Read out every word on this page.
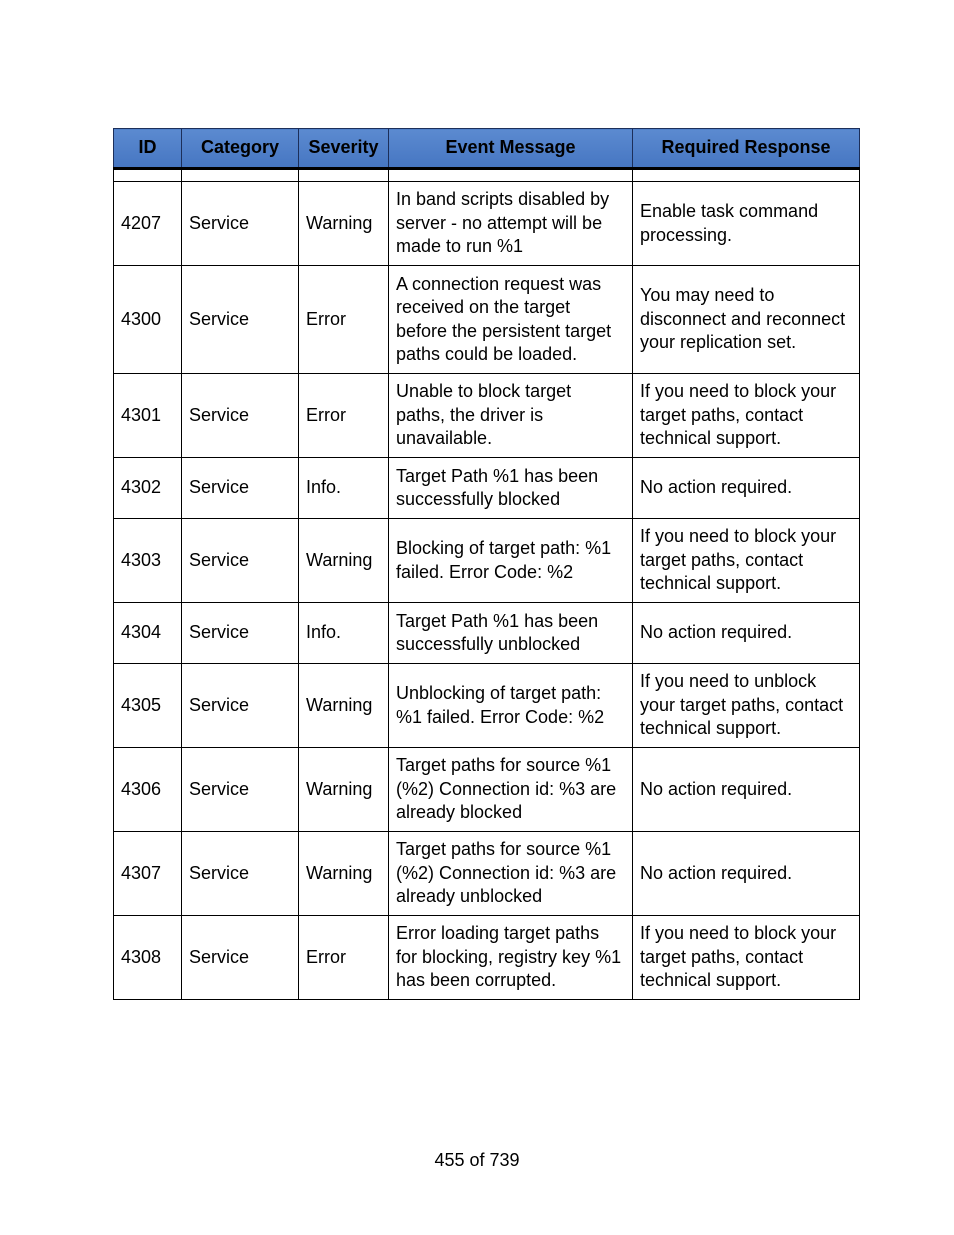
ID	Category	Severity	Event Message	Required Response

4207	Service	Warning	In band scripts disabled by server - no attempt will be made to run %1	Enable task command processing.
4300	Service	Error	A connection request was received on the target before the persistent target paths could be loaded.	You may need to disconnect and reconnect your replication set.
4301	Service	Error	Unable to block target paths, the driver is unavailable.	If you need to block your target paths, contact technical support.
4302	Service	Info.	Target Path %1 has been successfully blocked	No action required.
4303	Service	Warning	Blocking of target path: %1 failed. Error Code: %2	If you need to block your target paths, contact technical support.
4304	Service	Info.	Target Path %1 has been successfully unblocked	No action required.
4305	Service	Warning	Unblocking of target path: %1 failed. Error Code: %2	If you need to unblock your target paths, contact technical support.
4306	Service	Warning	Target paths for source %1 (%2) Connection id: %3 are already blocked	No action required.
4307	Service	Warning	Target paths for source %1 (%2) Connection id: %3 are already unblocked	No action required.
4308	Service	Error	Error loading target paths for blocking, registry key %1 has been corrupted.	If you need to block your target paths, contact technical support.
455 of 739
